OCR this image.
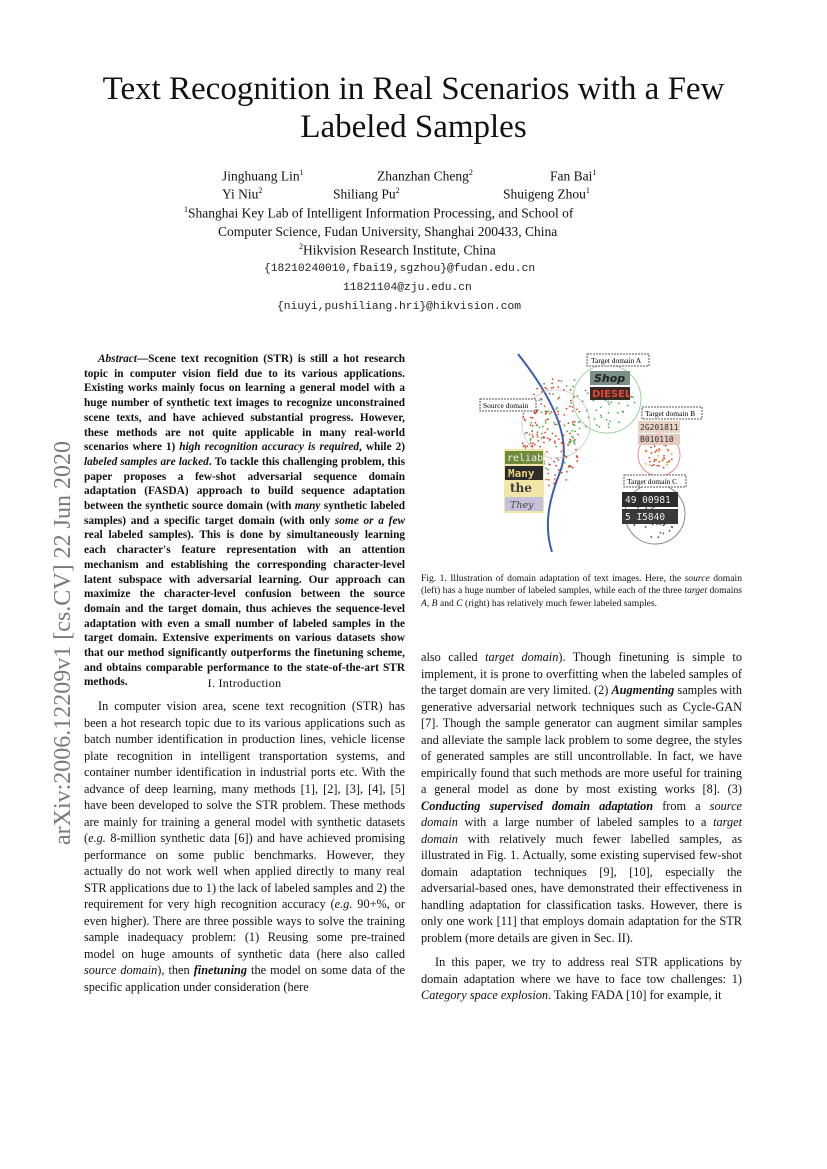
Text Recognition in Real Scenarios with a Few
Labeled Samples
arXiv:2006.12209v1 [cs.CV] 22 Jun 2020
Jinghuang Lin$^1$	Zhanzhan Cheng$^2$	Fan Bai$^1$
Yi Niu$^2$	Shiliang Pu$^2$	Shuigeng Zhou$^1$
$^1$Shanghai Key Lab of Intelligent Information Processing, and School of
Computer Science, Fudan University, Shanghai 200433, China
$^2$Hikvision Research Institute, China
{18210240010,fbai19,sgzhou}@fudan.edu.cn
11821104@zju.edu.cn
{niuyi,pushiliang.hri}@hikvision.com

Abstract—Scene text recognition (STR) is still a hot research topic in computer vision field due to its various applications. Existing works mainly focus on learning a general model with a huge number of synthetic text images to recognize unconstrained scene texts, and have achieved substantial progress. However, these methods are not quite applicable in many real-world scenarios where 1) high recognition accuracy is required, while 2) labeled samples are lacked. To tackle this challenging problem, this paper proposes a few-shot adversarial sequence domain adaptation (FASDA) approach to build sequence adaptation between the synthetic source domain (with many synthetic labeled samples) and a specific target domain (with only some or a few real labeled samples). This is done by simultaneously learning each character's feature representation with an attention mechanism and establishing the corresponding character-level latent subspace with adversarial learning. Our approach can maximize the character-level confusion between the source domain and the target domain, thus achieves the sequence-level adaptation with even a small number of labeled samples in the target domain. Extensive experiments on various datasets show that our method significantly outperforms the finetuning scheme, and obtains comparable performance to the state-of-the-art STR methods.	I. Introduction

In computer vision area, scene text recognition (STR) has been a hot research topic due to its various applications such as batch number identification in production lines, vehicle license plate recognition in intelligent transportation systems, and container number identification in industrial ports etc. With the advance of deep learning, many methods [1], [2], [3], [4], [5] have been developed to solve the STR problem. These methods are mainly for training a general model with synthetic datasets (e.g. 8-million synthetic data [6]) and have achieved promising performance on some public benchmarks. However, they actually do not work well when applied directly to many real STR applications due to 1) the lack of labeled samples and 2) the requirement for very high recognition accuracy (e.g. 90+%, or even higher). There are three possible ways to solve the training sample inadequacy problem: (1) Reusing some pre-trained model on huge amounts of synthetic data (here also called source domain), then finetuning the model on some data of the specific application under consideration (here

Target domain A
Source domain
Target domain B
Target domain C
Shop
DIESEL
2G201811
B010110
49 00981
5 I5840
reliable
Many
the
They
Fig. 1. Illustration of domain adaptation of text images. Here, the source domain (left) has a huge number of labeled samples, while each of the three target domains A, B and C (right) has relatively much fewer labeled samples.

also called target domain). Though finetuning is simple to implement, it is prone to overfitting when the labeled samples of the target domain are very limited. (2) Augmenting samples with generative adversarial network techniques such as Cycle-GAN [7]. Though the sample generator can augment similar samples and alleviate the sample lack problem to some degree, the styles of generated samples are still uncontrollable. In fact, we have empirically found that such methods are more useful for training a general model as done by most existing works [8]. (3) Conducting supervised domain adaptation from a source domain with a large number of labeled samples to a target domain with relatively much fewer labelled samples, as illustrated in Fig. 1. Actually, some existing supervised few-shot domain adaptation techniques [9], [10], especially the adversarial-based ones, have demonstrated their effectiveness in handling adaptation for classification tasks. However, there is only one work [11] that employs domain adaptation for the STR problem (more details are given in Sec. II).

In this paper, we try to address real STR applications by domain adaptation where we have to face tow challenges: 1) Category space explosion. Taking FADA [10] for example, it
